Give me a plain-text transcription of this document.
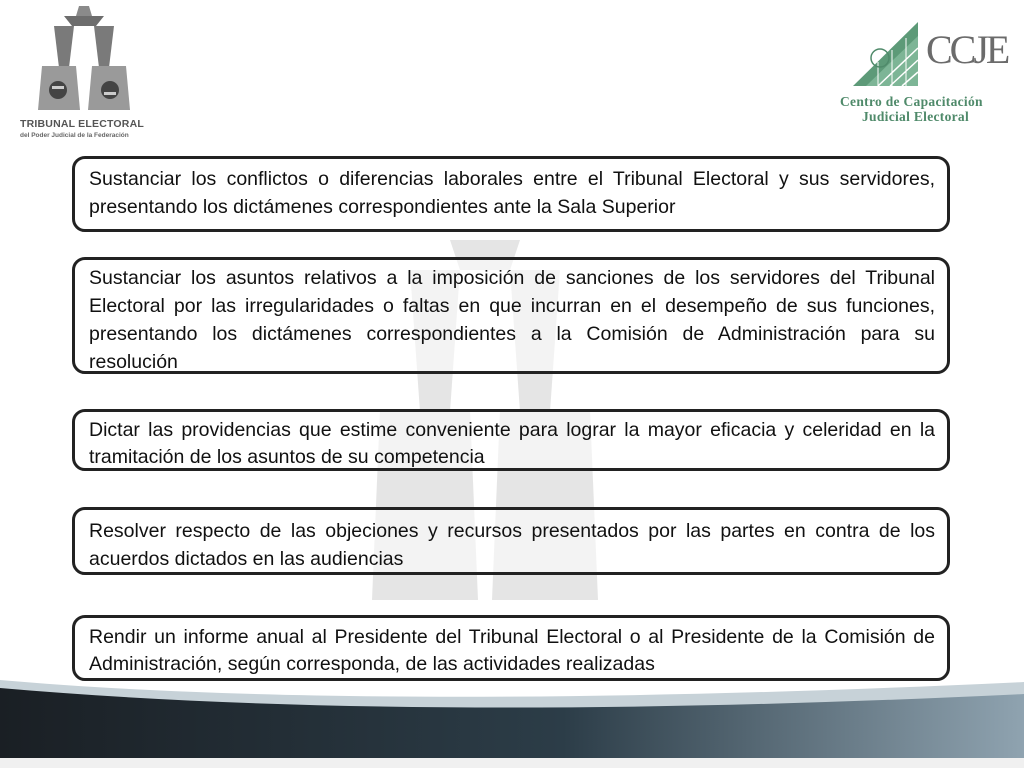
TRIBUNAL ELECTORAL
del Poder Judicial de la Federación
CCJE
Centro de Capacitación
Judicial Electoral
Sustanciar los conflictos o diferencias laborales entre el Tribunal Electoral y sus servidores, presentando los dictámenes correspondientes ante la Sala Superior
Sustanciar los asuntos relativos a la imposición de sanciones de los servidores del Tribunal Electoral por las irregularidades o faltas en que incurran en el desempeño de sus funciones, presentando los dictámenes correspondientes a la Comisión de Administración para su resolución
Dictar las providencias que estime conveniente para lograr la mayor eficacia y celeridad en la tramitación de los asuntos de su competencia
Resolver respecto de las objeciones y recursos presentados por las partes en contra de los acuerdos dictados en las audiencias
Rendir un informe anual al Presidente del Tribunal Electoral o al Presidente de la Comisión de Administración, según corresponda, de las actividades realizadas
